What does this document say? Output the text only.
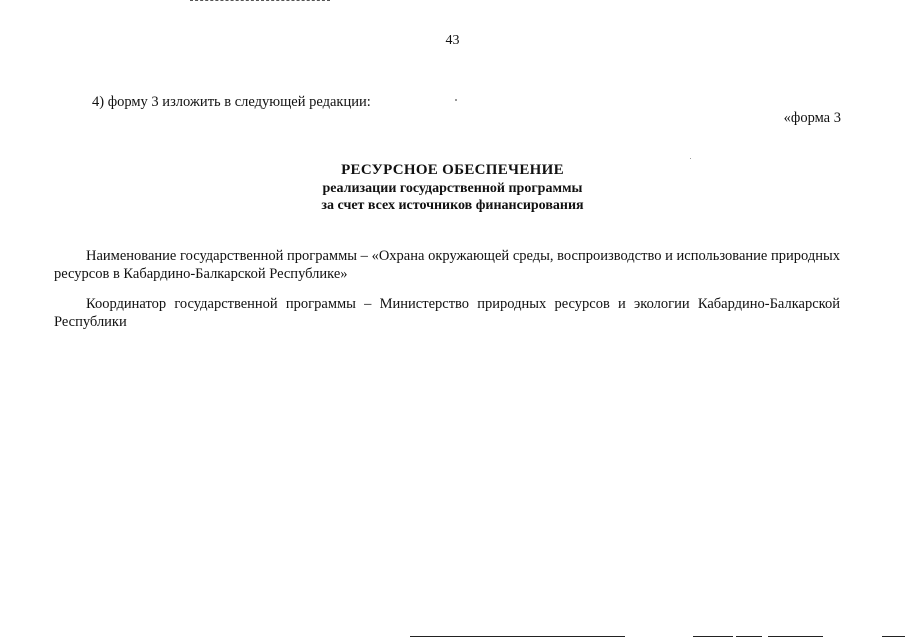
43
4) форму 3 изложить в следующей редакции:
«форма 3
РЕСУРСНОЕ ОБЕСПЕЧЕНИЕ
реализации государственной программы
за счет всех источников финансирования

Наименование государственной программы – «Охрана окружающей среды, воспроизводство и использование природных ресурсов в Кабардино-Балкарской Республике»

Координатор государственной программы – Министерство природных ресурсов и экологии Кабардино-Балкарской Республики
